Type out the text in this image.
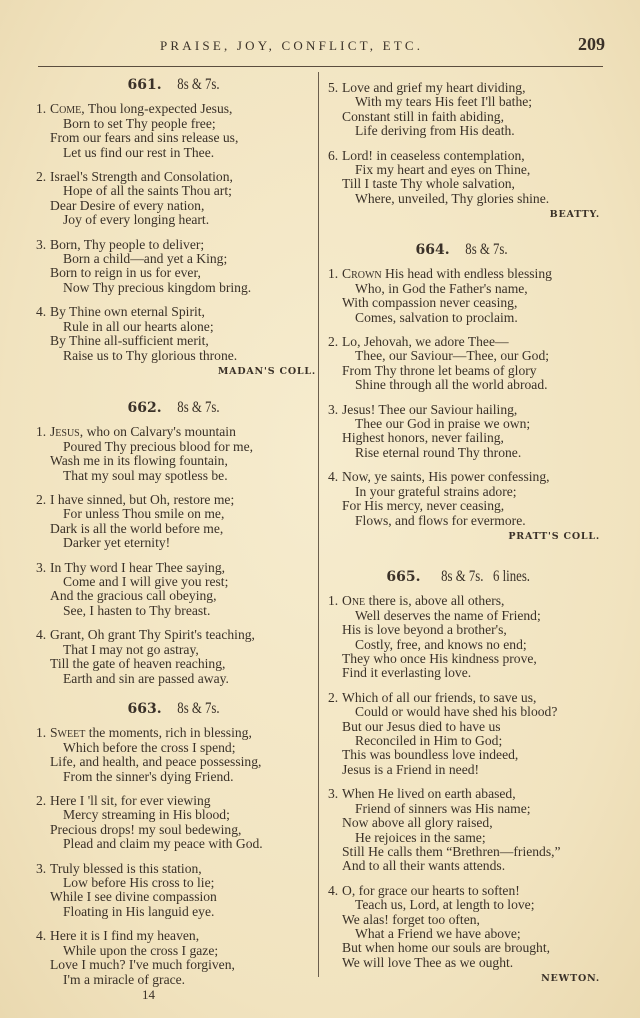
PRAISE, JOY, CONFLICT, ETC.	209
661. 8s & 7s.
1. Come, Thou long-expected Jesus,
Born to set Thy people free;
From our fears and sins release us,
Let us find our rest in Thee.
2. Israel's Strength and Consolation,
Hope of all the saints Thou art;
Dear Desire of every nation,
Joy of every longing heart.
3. Born, Thy people to deliver;
Born a child—and yet a King;
Born to reign in us for ever,
Now Thy precious kingdom bring.
4. By Thine own eternal Spirit,
Rule in all our hearts alone;
By Thine all-sufficient merit,
Raise us to Thy glorious throne.
MADAN'S COLL.
662. 8s & 7s.
1. Jesus, who on Calvary's mountain
Poured Thy precious blood for me,
Wash me in its flowing fountain,
That my soul may spotless be.
2. I have sinned, but Oh, restore me;
For unless Thou smile on me,
Dark is all the world before me,
Darker yet eternity!
3. In Thy word I hear Thee saying,
Come and I will give you rest;
And the gracious call obeying,
See, I hasten to Thy breast.
4. Grant, Oh grant Thy Spirit's teaching,
That I may not go astray,
Till the gate of heaven reaching,
Earth and sin are passed away.
663. 8s & 7s.
1. Sweet the moments, rich in blessing,
Which before the cross I spend;
Life, and health, and peace possessing,
From the sinner's dying Friend.
2. Here I 'll sit, for ever viewing
Mercy streaming in His blood;
Precious drops! my soul bedewing,
Plead and claim my peace with God.
3. Truly blessed is this station,
Low before His cross to lie;
While I see divine compassion
Floating in His languid eye.
4. Here it is I find my heaven,
While upon the cross I gaze;
Love I much? I've much forgiven,
I'm a miracle of grace.
5. Love and grief my heart dividing,
With my tears His feet I'll bathe;
Constant still in faith abiding,
Life deriving from His death.
6. Lord! in ceaseless contemplation,
Fix my heart and eyes on Thine,
Till I taste Thy whole salvation,
Where, unveiled, Thy glories shine.
BEATTY.
664. 8s & 7s.
1. Crown His head with endless blessing
Who, in God the Father's name,
With compassion never ceasing,
Comes, salvation to proclaim.
2. Lo, Jehovah, we adore Thee—
Thee, our Saviour—Thee, our God;
From Thy throne let beams of glory
Shine through all the world abroad.
3. Jesus! Thee our Saviour hailing,
Thee our God in praise we own;
Highest honors, never failing,
Rise eternal round Thy throne.
4. Now, ye saints, His power confessing,
In your grateful strains adore;
For His mercy, never ceasing,
Flows, and flows for evermore.
PRATT'S COLL.
665. 8s & 7s.   6 lines.
1. One there is, above all others,
Well deserves the name of Friend;
His is love beyond a brother's,
Costly, free, and knows no end;
They who once His kindness prove,
Find it everlasting love.
2. Which of all our friends, to save us,
Could or would have shed his blood?
But our Jesus died to have us
Reconciled in Him to God;
This was boundless love indeed,
Jesus is a Friend in need!
3. When He lived on earth abased,
Friend of sinners was His name;
Now above all glory raised,
He rejoices in the same;
Still He calls them “Brethren—friends,”
And to all their wants attends.
4. O, for grace our hearts to soften!
Teach us, Lord, at length to love;
We alas! forget too often,
What a Friend we have above;
But when home our souls are brought,
We will love Thee as we ought.
NEWTON.
14
